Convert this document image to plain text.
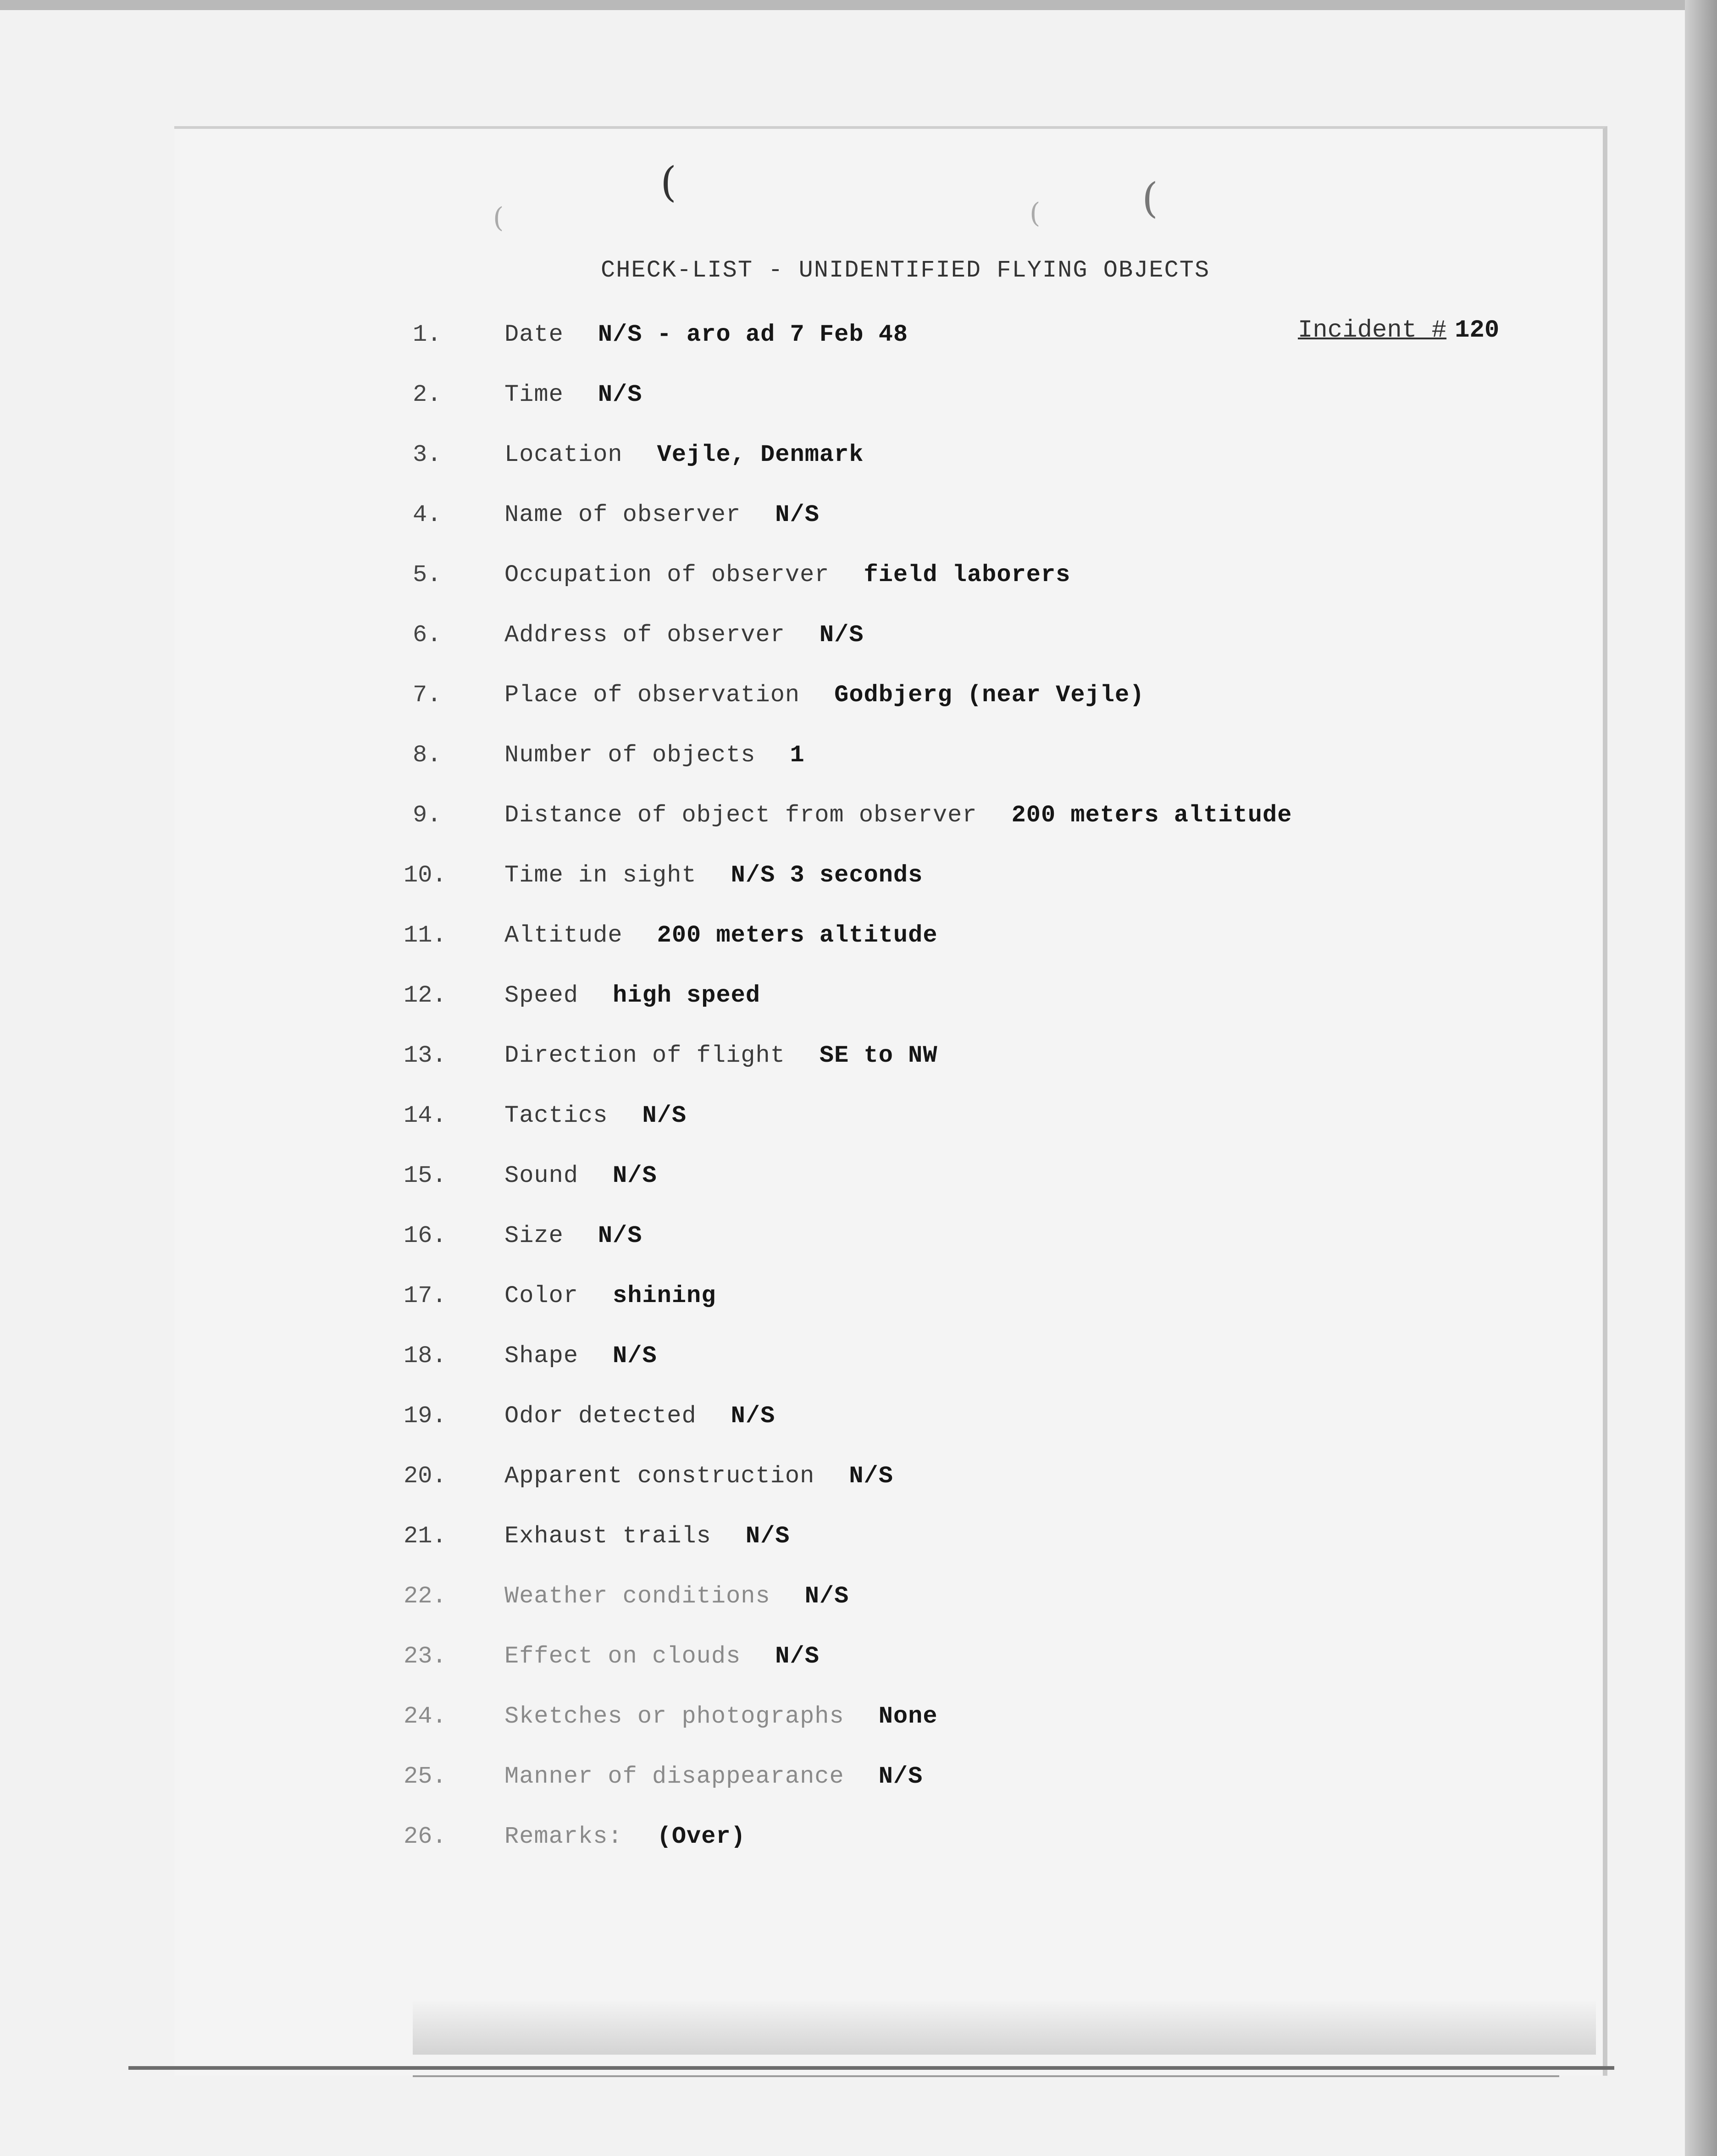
(	(
(	(
CHECK-LIST - UNIDENTIFIED FLYING OBJECTS
Incident # 120
1.	Date N/S - aro ad 7 Feb 48
2.	Time N/S
3.	Location Vejle, Denmark
4.	Name of observer N/S
5.	Occupation of observer field laborers
6.	Address of observer N/S
7.	Place of observation Godbjerg (near Vejle)
8.	Number of objects 1
9.	Distance of object from observer 200 meters altitude
10.	Time in sight N/S 3 seconds
11.	Altitude 200 meters altitude
12.	Speed high speed
13.	Direction of flight SE to NW
14.	Tactics N/S
15.	Sound N/S
16.	Size N/S
17.	Color shining
18.	Shape N/S
19.	Odor detected N/S
20.	Apparent construction N/S
21.	Exhaust trails N/S
22.	Weather conditions N/S
23.	Effect on clouds N/S
24.	Sketches or photographs None
25.	Manner of disappearance N/S
26.	Remarks: (Over)
